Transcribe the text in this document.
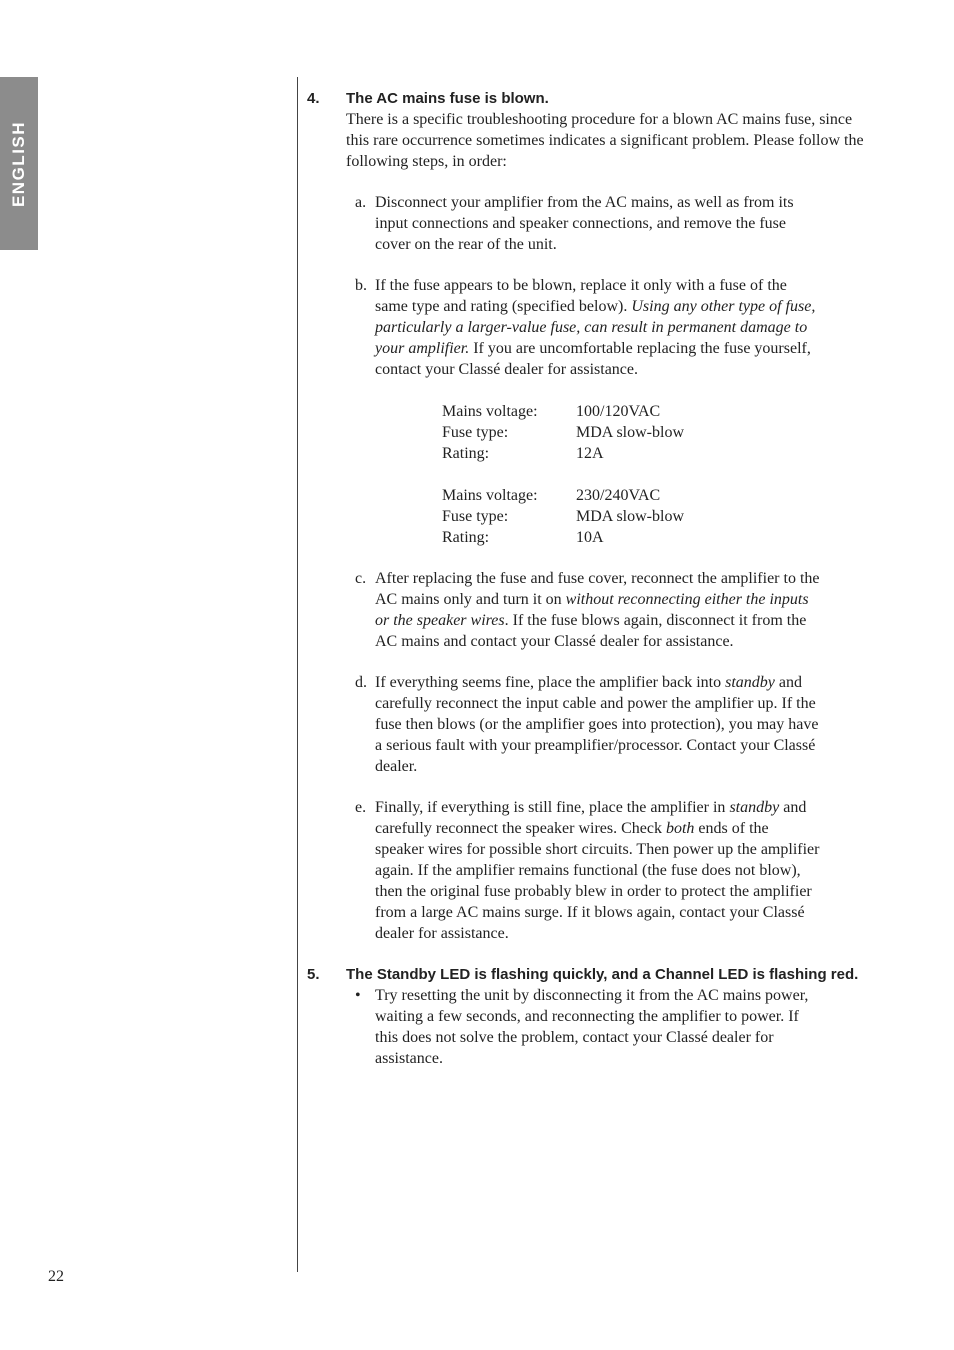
ENGLISH
22
4. The AC mains fuse is blown.

There is a specific troubleshooting procedure for a blown AC mains fuse, since this rare occurrence sometimes indicates a significant problem. Please follow the following steps, in order:

a. Disconnect your amplifier from the AC mains, as well as from its input connections and speaker connections, and remove the fuse cover on the rear of the unit.

b. If the fuse appears to be blown, replace it only with a fuse of the same type and rating (specified below). Using any other type of fuse, particularly a larger-value fuse, can result in permanent damage to your amplifier. If you are uncomfortable replacing the fuse yourself, contact your Classé dealer for assistance.

Mains voltage:	100/120VAC
Fuse type:	MDA slow-blow
Rating:	12A
Mains voltage:	230/240VAC
Fuse type:	MDA slow-blow
Rating:	10A
c. After replacing the fuse and fuse cover, reconnect the amplifier to the AC mains only and turn it on without reconnecting either the inputs or the speaker wires. If the fuse blows again, disconnect it from the AC mains and contact your Classé dealer for assistance.

d. If everything seems fine, place the amplifier back into standby and carefully reconnect the input cable and power the amplifier up. If the fuse then blows (or the amplifier goes into protection), you may have a serious fault with your preamplifier/processor. Contact your Classé dealer.

e. Finally, if everything is still fine, place the amplifier in standby and carefully reconnect the speaker wires. Check both ends of the speaker wires for possible short circuits. Then power up the amplifier again. If the amplifier remains functional (the fuse does not blow), then the original fuse probably blew in order to protect the amplifier from a large AC mains surge. If it blows again, contact your Classé dealer for assistance.

5. The Standby LED is flashing quickly, and a Channel LED is flashing red.
• Try resetting the unit by disconnecting it from the AC mains power, waiting a few seconds, and reconnecting the amplifier to power. If this does not solve the problem, contact your Classé dealer for assistance.
